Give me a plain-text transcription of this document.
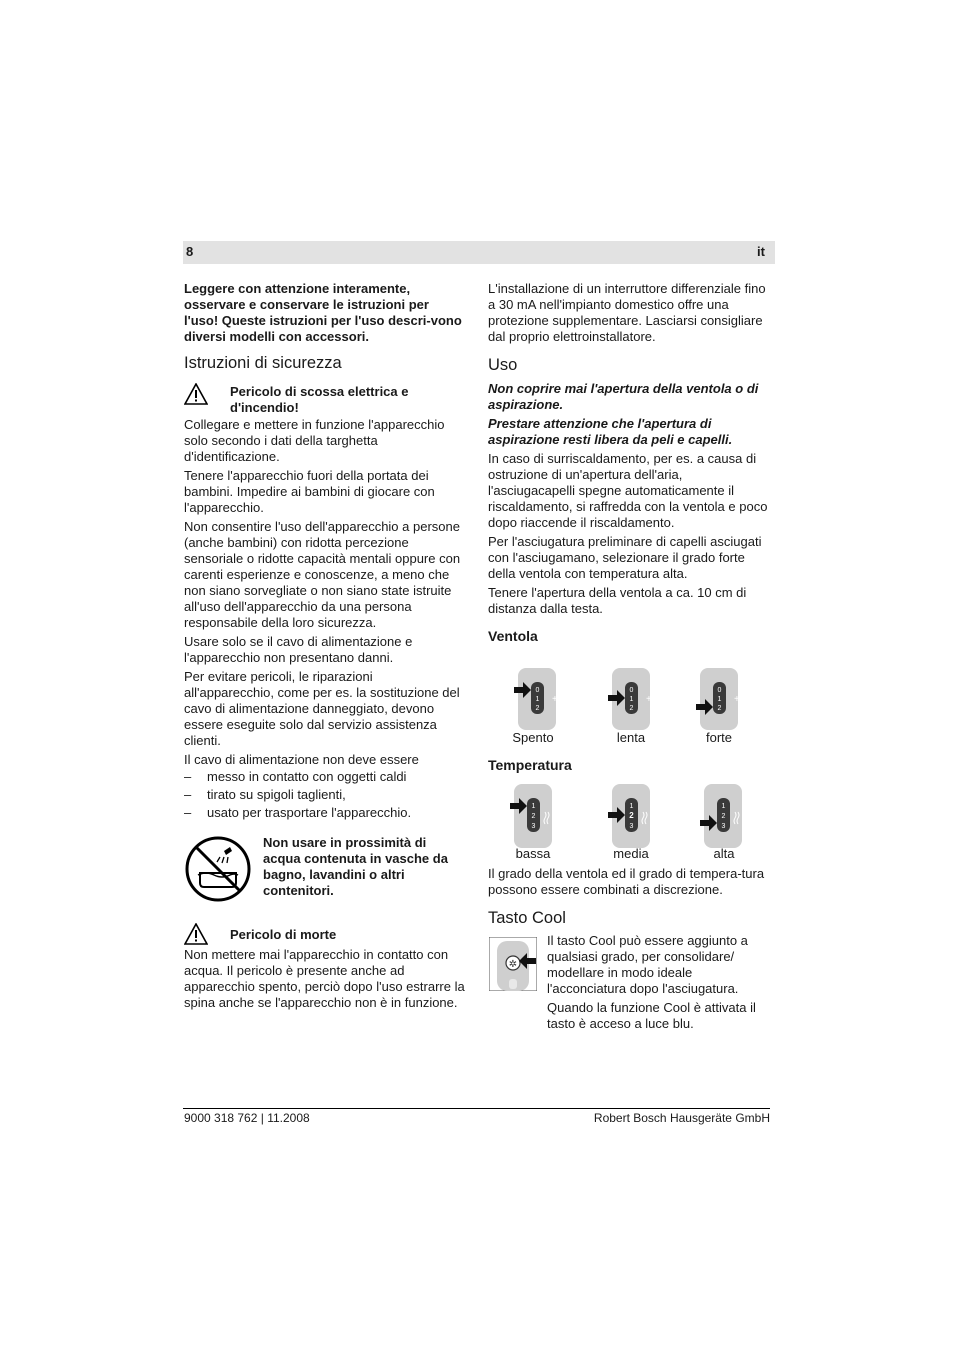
8	it

Leggere con attenzione interamente, osservare e conservare le istruzioni per l'uso! Queste istruzioni per l'uso descri-vono diversi modelli con accessori.

Istruzioni di sicurezza

Pericolo di scossa elettrica e d'incendio!

Collegare e mettere in funzione l'apparecchio solo secondo i dati della targhetta d'identificazione.

Tenere l'apparecchio fuori della portata dei bambini. Impedire ai bambini di giocare con l'apparecchio.

Non consentire l'uso dell'apparecchio a persone (anche bambini) con ridotta percezione sensoriale o ridotte capacità mentali oppure con carenti esperienze e conoscenze, a meno che non siano sorvegliate o non siano state istruite all'uso dell'apparecchio da una persona responsabile della loro sicurezza.

Usare solo se il cavo di alimentazione e l'apparecchio non presentano danni.

Per evitare pericoli, le riparazioni all'apparecchio, come per es. la sostituzione del cavo di alimentazione danneggiato, devono essere eseguite solo dal servizio assistenza clienti.

Il cavo di alimentazione non deve essere

– messo in contatto con oggetti caldi

– tirato su spigoli taglienti,

– usato per trasportare l'apparecchio.

Non usare in prossimità di acqua contenuta in vasche da bagno, lavandini o altri contenitori.

Pericolo di morte

Non mettere mai l'apparecchio in contatto con acqua. Il pericolo è presente anche ad apparecchio spento, perciò dopo l'uso estrarre la spina anche se l'apparecchio non è in funzione.

L'installazione di un interruttore differenziale fino a 30 mA nell'impianto domestico offre una protezione supplementare. Lasciarsi consigliare dal proprio elettroinstallatore.

Uso

Non coprire mai l'apertura della ventola o di aspirazione.

Prestare attenzione che l'apertura di aspirazione resti libera da peli e capelli.

In caso di surriscaldamento, per es. a causa di ostruzione di un'apertura dell'aria, l'asciugacapelli spegne automaticamente il riscaldamento, si raffredda con la ventola e poco dopo riaccende il riscaldamento.

Per l'asciugatura preliminare di capelli asciugati con l'asciugamano, selezionare il grado forte della ventola con temperatura alta.

Tenere l'apertura della ventola a ca. 10 cm di distanza dalla testa.

Ventola
0
1
2
+
0
1
2
+
0
1
2
+
Spento	lenta	forte
Temperatura
1
2
3
1
2
3
1
2
3
bassa	media	alta

Il grado della ventola ed il grado di tempera-tura possono essere combinati a discrezione.

Tasto Cool
✲

Il tasto Cool può essere aggiunto a qualsiasi grado, per consolidare/ modellare in modo ideale l'acconciatura dopo l'asciugatura.

Quando la funzione Cool è attivata il tasto è acceso a luce blu.

9000 318 762 | 11.2008	Robert Bosch Hausgeräte GmbH
